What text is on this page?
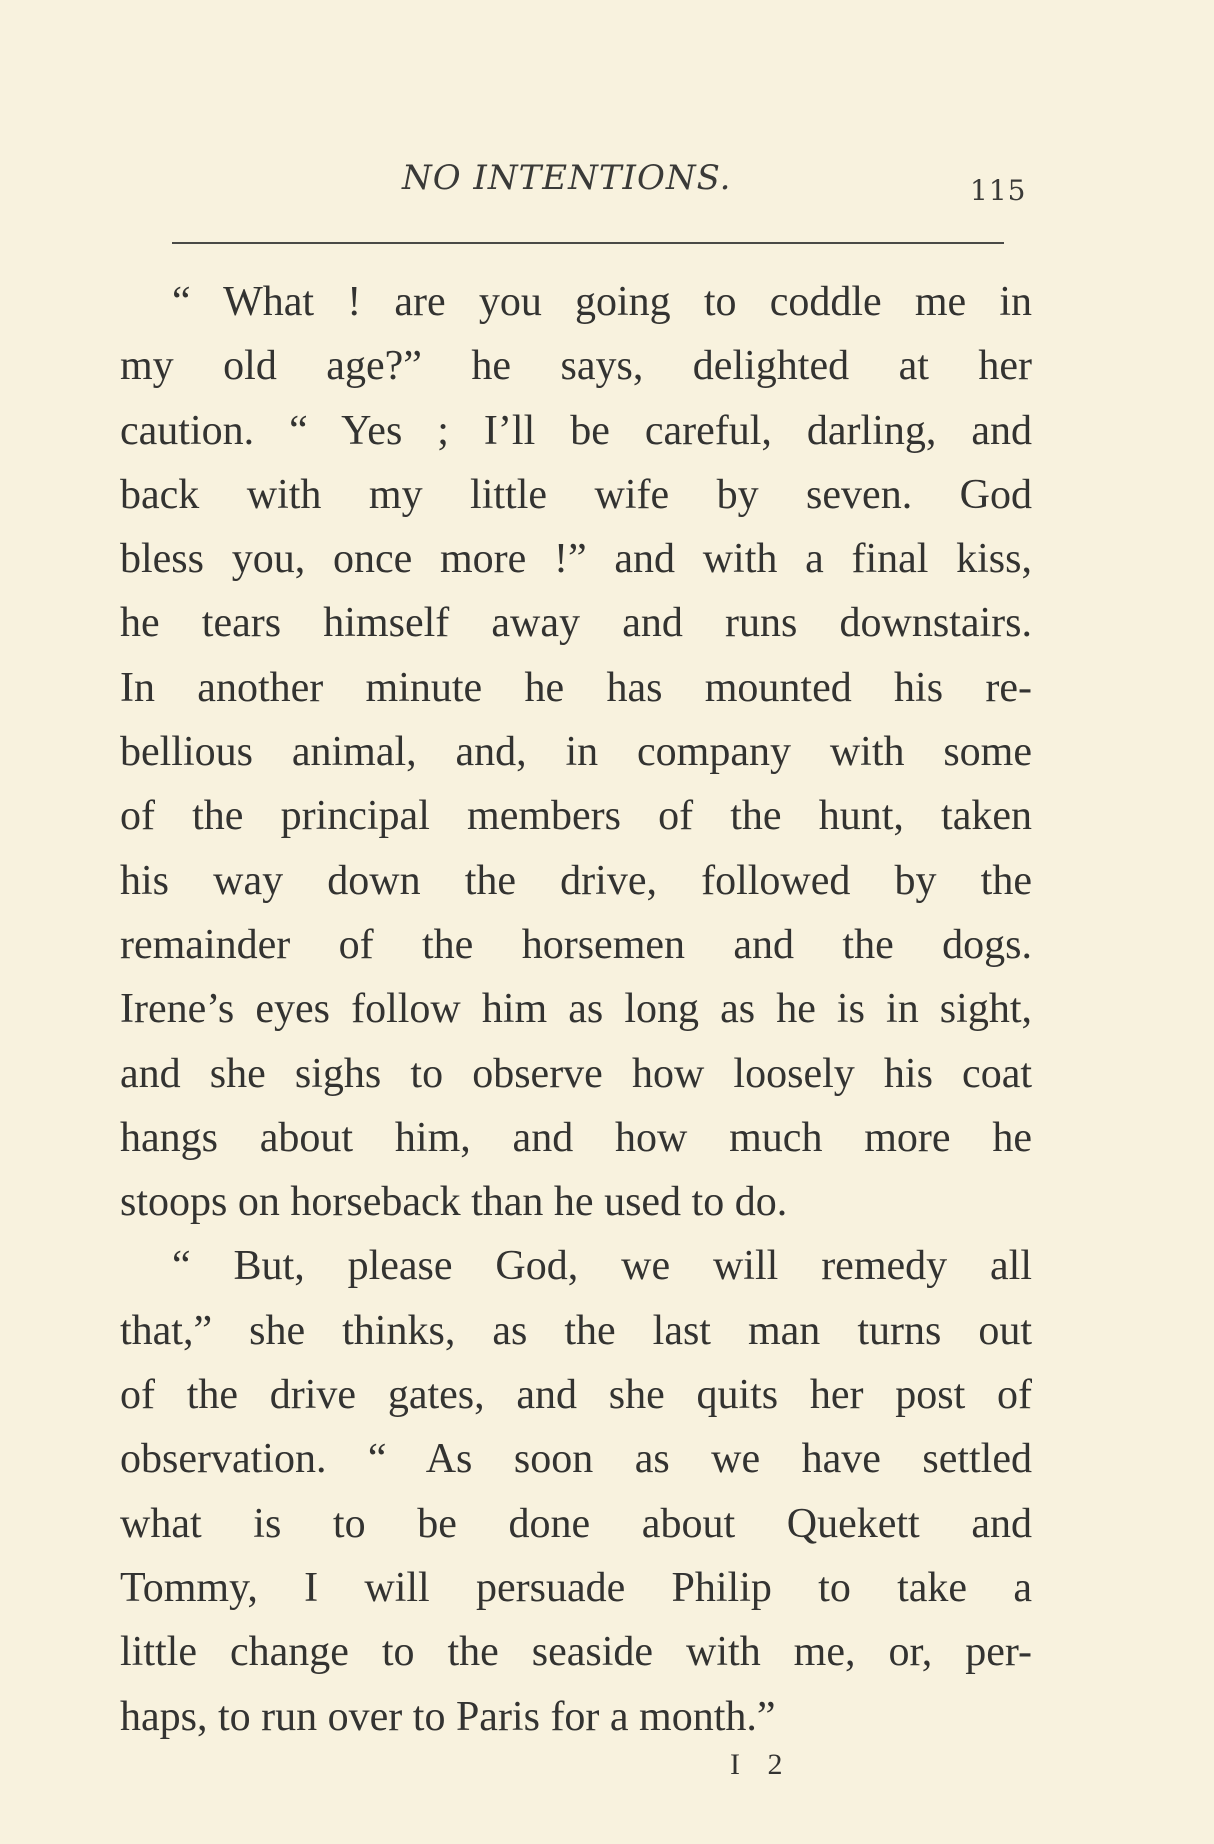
NO INTENTIONS.	115
“ What ! are you going to coddle me in
my old age?” he says, delighted at her
caution. “ Yes ; I’ll be careful, darling, and
back with my little wife by seven. God
bless you, once more !” and with a final kiss,
he tears himself away and runs downstairs.
In another minute he has mounted his re-
bellious animal, and, in company with some
of the principal members of the hunt, taken
his way down the drive, followed by the
remainder of the horsemen and the dogs.
Irene’s eyes follow him as long as he is in sight,
and she sighs to observe how loosely his coat
hangs about him, and how much more he
stoops on horseback than he used to do.
“ But, please God, we will remedy all
that,” she thinks, as the last man turns out
of the drive gates, and she quits her post of
observation. “ As soon as we have settled
what is to be done about Quekett and
Tommy, I will persuade Philip to take a
little change to the seaside with me, or, per-
haps, to run over to Paris for a month.”
I 2
